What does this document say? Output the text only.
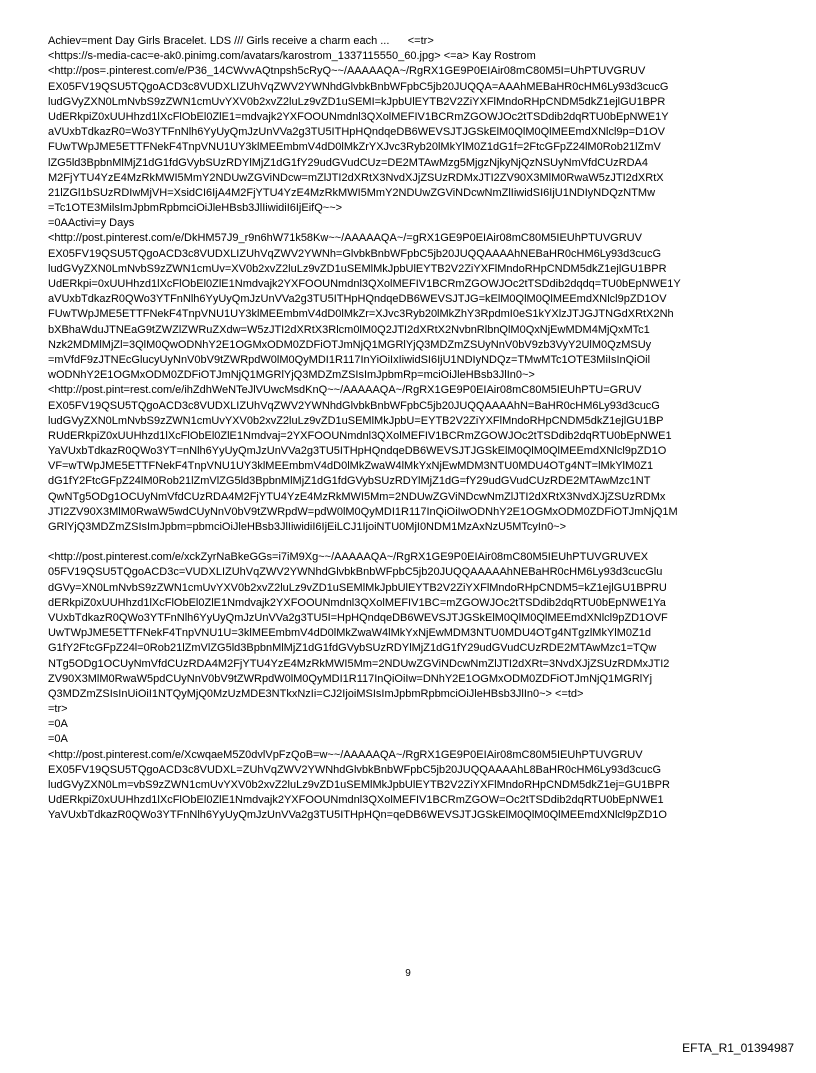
Achiev=ment Day Girls Bracelet. LDS /// Girls receive a charm each ...      <=tr>
<https://s-media-cac=e-ak0.pinimg.com/avatars/karostrom_1337115550_60.jpg> <=a> Kay Rostrom
<http://pos=.pinterest.com/e/P36_14CWvvAQtnpsh5cRyQ~~/AAAAAQA~/RgRX1GE9P0EIAir08mC80M5I=UhPTUVGRUV
EX05FV19QSU5TQgoACD3c8VUDXLIZUhVqZWV2YWNhdGlvbkBnbWFpbC5jb20JUQQA=AAAhMEBaHR0cHM6Ly93d3cucG
ludGVyZXN0LmNvbS9zZWN1cmUvYXV0b2xvZ2luLz9vZD1uSEMI=kJpbUlEYTB2V2ZiYXFlMndoRHpCNDM5dkZ1ejlGU1BPR
UdERkpiZ0xUUHhzd1lXcFlObEl0ZlE1=mdvajk2YXFOOUNmdnl3QXolMEFIV1BCRmZGOWJOc2tTSDdib2dqRTU0bEpNWE1Y
aVUxbTdkazR0=Wo3YTFnNlh6YyUyQmJzUnVVa2g3TU5ITHpHQndqeDB6WEVSJTJGSkElM0QlM0QlMEEmdXNlcl9p=D1OV
FUwTWpJME5ETTFNekF4TnpVNU1UY3klMEEmbmV4dD0lMkZrYXJvc3Ryb20lMkYlM0Z1dG1f=2FtcGFpZ24lM0Rob21lZmV
lZG5ld3BpbnMlMjZ1dG1fdGVybSUzRDYlMjZ1dG1fY29udGVudCUz=DE2MTAwMzg5MjgzNjkyNjQzNSUyNmVfdCUzRDA4
M2FjYTU4YzE4MzRkMWI5MmY2NDUwZGViNDcw=mZlJTI2dXRtX3NvdXJjZSUzRDMxJTI2ZV90X3MlM0RwaW5zJTI2dXRtX
21lZGl1bSUzRDIwMjVH=XsidCI6IjA4M2FjYTU4YzE4MzRkMWI5MmY2NDUwZGViNDcwNmZlIiwidSI6IjU1NDIyNDQzNTMw
=Tc1OTE3MilsImJpbmRpbmciOiJleHBsb3JlIiwidiI6IjEifQ~~>
=0AActivi=y Days
<http://post.pinterest.com/e/DkHM57J9_r9n6hW71k58Kw~~/AAAAAQA~/=gRX1GE9P0EIAir08mC80M5IEUhPTUVGRUV
EX05FV19QSU5TQgoACD3c8VUDXLIZUhVqZWV2YWNh=GlvbkBnbWFpbC5jb20JUQQAAAAhNEBaHR0cHM6Ly93d3cucG
ludGVyZXN0LmNvbS9zZWN1cmUv=XV0b2xvZ2luLz9vZD1uSEMlMkJpbUlEYTB2V2ZiYXFlMndoRHpCNDM5dkZ1ejlGU1BPR
UdERkpi=0xUUHhzd1lXcFlObEl0ZlE1Nmdvajk2YXFOOUNmdnl3QXolMEFIV1BCRmZGOWJOc2tTSDdib2dqdq=TU0bEpNWE1Y
aVUxbTdkazR0QWo3YTFnNlh6YyUyQmJzUnVVa2g3TU5ITHpHQndqeDB6WEVSJTJG=kElM0QlM0QlMEEmdXNlcl9pZD1OV
FUwTWpJME5ETTFNekF4TnpVNU1UY3klMEEmbmV4dD0lMkZr=XJvc3Ryb20lMkZhY3RpdmI0eS1kYXlzJTJGJTNGdXRtX2Nh
bXBhaWduJTNEaG9tZWZlZWRuZXdw=W5zJTI2dXRtX3Rlcm0lM0Q2JTI2dXRtX2NvbnRlbnQlM0QxNjEwMDM4MjQxMTc1
Nzk2MDMlMjZl=3QlM0QwODNhY2E1OGMxODM0ZDFiOTJmNjQ1MGRlYjQ3MDZmZSUyNnV0bV9zb3VyY2UlM0QzMSUy
=mVfdF9zJTNEcGlucyUyNnV0bV9tZWRpdW0lM0QyMDI1R117InYiOiIxIiwidSI6IjU1NDIyNDQz=TMwMTc1OTE3MiIsInQiOil
wODNhY2E1OGMxODM0ZDFiOTJmNjQ1MGRlYjQ3MDZmZSIsImJpbmRp=mciOiJleHBsb3JlIn0~>
<http://post.pint=rest.com/e/ihZdhWeNTeJlVUwcMsdKnQ~~/AAAAAQA~/RgRX1GE9P0EIAir08mC80M5IEUhPTU=GRUV
EX05FV19QSU5TQgoACD3c8VUDXLIZUhVqZWV2YWNhdGlvbkBnbWFpbC5jb20JUQQAAAAhN=BaHR0cHM6Ly93d3cucG
ludGVyZXN0LmNvbS9zZWN1cmUvYXV0b2xvZ2luLz9vZD1uSEMlMkJpbU=EYTB2V2ZiYXFlMndoRHpCNDM5dkZ1ejlGU1BP
RUdERkpiZ0xUUHhzd1lXcFlObEl0ZlE1Nmdvaj=2YXFOOUNmdnl3QXolMEFIV1BCRmZGOWJOc2tTSDdib2dqRTU0bEpNWE1
YaVUxbTdkazR0QWo3YT=nNlh6YyUyQmJzUnVVa2g3TU5ITHpHQndqeDB6WEVSJTJGSkElM0QlM0QlMEEmdXNlcl9pZD1O
VF=wTWpJME5ETTFNekF4TnpVNU1UY3klMEEmbmV4dD0lMkZwaW4lMkYxNjEwMDM3NTU0MDU4OTg4NT=lMkYlM0Z1
dG1fY2FtcGFpZ24lM0Rob21lZmVlZG5ld3BpbnMlMjZ1dG1fdGVybSUzRDYlMjZ1dG=fY29udGVudCUzRDE2MTAwMzc1NT
QwNTg5ODg1OCUyNmVfdCUzRDA4M2FjYTU4YzE4MzRkMWI5Mm=2NDUwZGViNDcwNmZlJTI2dXRtX3NvdXJjZSUzRDMx
JTI2ZV90X3MlM0RwaW5wdCUyNnV0bV9tZWRpdW=pdW0lM0QyMDI1R117InQiOiIwODNhY2E1OGMxODM0ZDFiOTJmNjQ1M
GRlYjQ3MDZmZSIsImJpbm=pbmciOiJleHBsb3JlIiwidiI6IjEiLCJ1IjoiNTU0MjI0NDM1MzAxNzU5MTcyIn0~>
<http://post.pinterest.com/e/xckZyrNaBkeGGs=i7iM9Xg~~/AAAAAQA~/RgRX1GE9P0EIAir08mC80M5IEUhPTUVGRUVEX
05FV19QSU5TQgoACD3c=VUDXLIZUhVqZWV2YWNhdGlvbkBnbWFpbC5jb20JUQQAAAAAhNEBaHR0cHM6Ly93d3cucGlu
dGVy=XN0LmNvbS9zZWN1cmUvYXV0b2xvZ2luLz9vZD1uSEMlMkJpbUlEYTB2V2ZiYXFlMndoRHpCNDM5=kZ1ejlGU1BPRU
dERkpiZ0xUUHhzd1lXcFlObEl0ZlE1Nmdvajk2YXFOOUNmdnl3QXolMEFIV1BC=mZGOWJOc2tTSDdib2dqRTU0bEpNWE1Ya
VUxbTdkazR0QWo3YTFnNlh6YyUyQmJzUnVVa2g3TU5I=HpHQndqeDB6WEVSJTJGSkElM0QlM0QlMEEmdXNlcl9pZD1OVF
UwTWpJME5ETTFNekF4TnpVNU1U=3klMEEmbmV4dD0lMkZwaW4lMkYxNjEwMDM3NTU0MDU4OTg4NTgzlMkYlM0Z1d
G1fY2FtcGFpZ24l=0Rob21lZmVlZG5ld3BpbnMlMjZ1dG1fdGVybSUzRDYlMjZ1dG1fY29udGVudCUzRDE2MTAwMzc1=TQw
NTg5ODg1OCUyNmVfdCUzRDA4M2FjYTU4YzE4MzRkMWI5Mm=2NDUwZGViNDcwNmZlJTI2dXRt=3NvdXJjZSUzRDMxJTI2
ZV90X3MlM0RwaW5pdCUyNnV0bV9tZWRpdW0lM0QyMDI1R117InQiOiIw=DNhY2E1OGMxODM0ZDFiOTJmNjQ1MGRlYj
Q3MDZmZSIsInUiOiI1NTQyMjQ0MzUzMDE3NTkxNzIi=CJ2IjoiMSIsImJpbmRpbmciOiJleHBsb3JlIn0~> <=td>
=tr>
=0A
=0A
<http://post.pinterest.com/e/XcwqaeM5Z0dvlVpFzQoB=w~~/AAAAAQA~/RgRX1GE9P0EIAir08mC80M5IEUhPTUVGRUV
EX05FV19QSU5TQgoACD3c8VUDXL=ZUhVqZWV2YWNhdGlvbkBnbWFpbC5jb20JUQQAAAAhL8BaHR0cHM6Ly93d3cucG
ludGVyZXN0Lm=vbS9zZWN1cmUvYXV0b2xvZ2luLz9vZD1uSEMlMkJpbUlEYTB2V2ZiYXFlMndoRHpCNDM5dkZ1ej=GU1BPR
UdERkpiZ0xUUHhzd1lXcFlObEl0ZlE1Nmdvajk2YXFOOUNmdnl3QXolMEFIV1BCRmZGOW=Oc2tTSDdib2dqRTU0bEpNWE1
YaVUxbTdkazR0QWo3YTFnNlh6YyUyQmJzUnVVa2g3TU5ITHpHQn=qeDB6WEVSJTJGSkElM0QlM0QlMEEmdXNlcl9pZD1O
9
EFTA_R1_01394987
